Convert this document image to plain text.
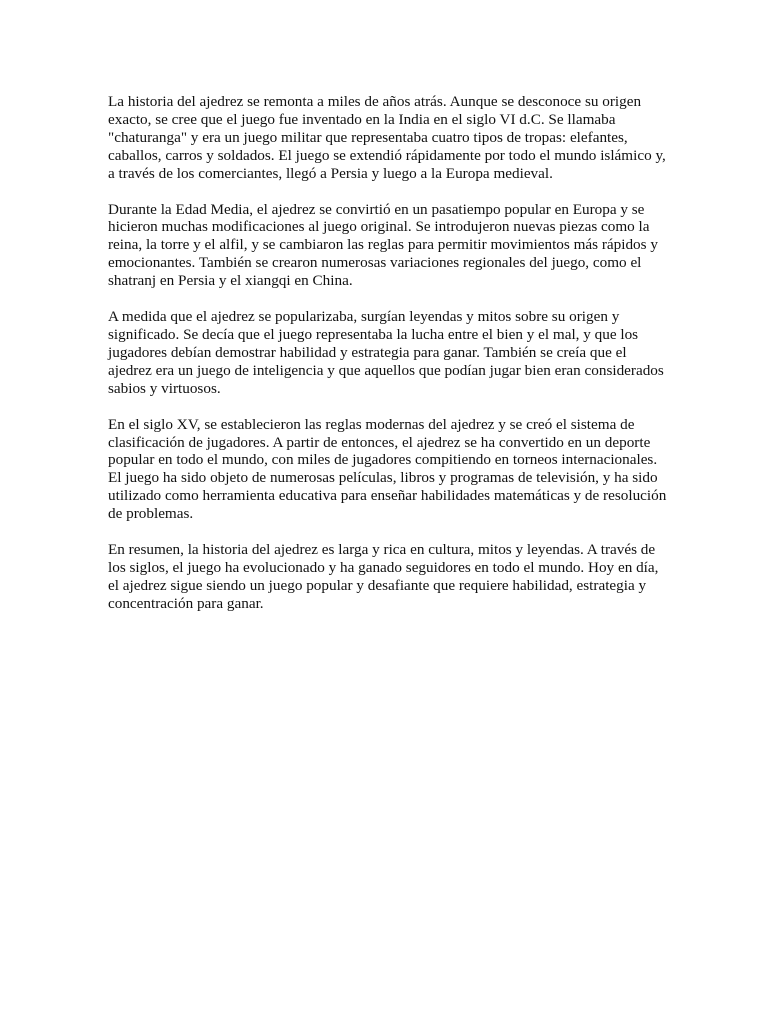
La historia del ajedrez se remonta a miles de años atrás. Aunque se desconoce su origen
exacto, se cree que el juego fue inventado en la India en el siglo VI d.C. Se llamaba
"chaturanga" y era un juego militar que representaba cuatro tipos de tropas: elefantes,
caballos, carros y soldados. El juego se extendió rápidamente por todo el mundo islámico y,
a través de los comerciantes, llegó a Persia y luego a la Europa medieval.

Durante la Edad Media, el ajedrez se convirtió en un pasatiempo popular en Europa y se
hicieron muchas modificaciones al juego original. Se introdujeron nuevas piezas como la
reina, la torre y el alfil, y se cambiaron las reglas para permitir movimientos más rápidos y
emocionantes. También se crearon numerosas variaciones regionales del juego, como el
shatranj en Persia y el xiangqi en China.

A medida que el ajedrez se popularizaba, surgían leyendas y mitos sobre su origen y
significado. Se decía que el juego representaba la lucha entre el bien y el mal, y que los
jugadores debían demostrar habilidad y estrategia para ganar. También se creía que el
ajedrez era un juego de inteligencia y que aquellos que podían jugar bien eran considerados
sabios y virtuosos.

En el siglo XV, se establecieron las reglas modernas del ajedrez y se creó el sistema de
clasificación de jugadores. A partir de entonces, el ajedrez se ha convertido en un deporte
popular en todo el mundo, con miles de jugadores compitiendo en torneos internacionales.
El juego ha sido objeto de numerosas películas, libros y programas de televisión, y ha sido
utilizado como herramienta educativa para enseñar habilidades matemáticas y de resolución
de problemas.

En resumen, la historia del ajedrez es larga y rica en cultura, mitos y leyendas. A través de
los siglos, el juego ha evolucionado y ha ganado seguidores en todo el mundo. Hoy en día,
el ajedrez sigue siendo un juego popular y desafiante que requiere habilidad, estrategia y
concentración para ganar.
